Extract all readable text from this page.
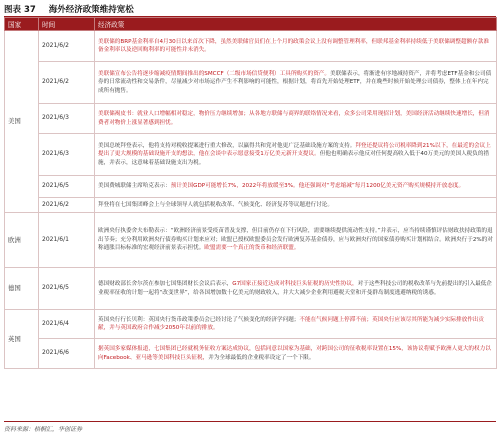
图表 37 海外经济政策维持宽松
国家	时间	经济政策
美国	2021/6/2	美联储的BRP基金利率自4月30日以来首次下降，虽然美联储官员们在上个月的政策会议上没有调整管理利率，但联邦基金利率持续低于美联储调整超额存款准备金利率以及逆回购利率的可能性并未消失。
	2021/6/2	美联储宣布公告将逐步缩减疫情期间推出的SMCCF（二级市场信贷便利）工具所购买的资产。美联储表示，将渐进有序地减持资产，并将考虑ETF基金和公司债券的日常流动性和交易条件，尽量减少对市场运作产生不利影响的可能性，根据计划，将首先开始处理ETF，并在晚些时候开始处理公司债券，整体上在年内完成所有抛售。
	2021/6/3	美联储褐皮书：就业人口增幅相对稳定，物价压力继续增加；从各地方联储与商界的联络情况来看，众多公司采用现招计划，美国经济活动继续快速增长，但消费者对物价上涨显著感到担忧。
	2021/6/3	美国总统拜登表示，他将支持对税收提案进行重大修改，以赢得共和党对他更广泛基础设施方案的支持。拜登还提议将公司税率降到21%以下，在最近的会议上提出了更大规模的基础设施开支的想法，他在会谈中表示愿意接受1万亿美元新开支提议。但他也明确表示他反对任何提高收入低于40万美元的美国人税负的措施，并表示，这意味着基础设施支出为税。
	2021/6/5	美国费城联储主席哈克表示：预计美国GDP可能增长7%，2022年将放缓至3%。他还强调对“考虑缩减”每月1200亿美元资产购买规模持开放态度。
	2021/6/2	拜登将在七国集团峰会上与全球领导人就包括税收改革、气候变化、经济复苏等议题进行讨论。
欧洲	2021/6/1	欧洲央行执委舍夫布勒表示：“欧洲经济前景受疫苗普及支撑，但目前仍存在下行风险，需要继续提供流动性支持。”并表示，应当持续谨慎评估财政扶持政策的退出节奏；充分利用欧洲央行债券购买计划来应对；欧盟已授权欧盟委员会发行欧洲复苏基金债券，应与欧洲央行的国家债券购买计划相结合。欧洲央行于2%的对称通胀目标标准的宏观经济前景表示担忧。欧盟需要一个真正的货币和经济联盟。
德国	2021/6/5	德国财政部长舍尔茨在参加七国集团财长会议后表示，G7国家正接近达成对科技巨头征税的历史性协议，对于这些科技公司的税收改革与先前提出的引入最低企业税率征收的计划一起将“改变世界”，给各国增加数十亿美元的财政收入，并大大减少企业利用避税天堂和开曼群岛制度逃避纳税的诱惑。
英国	2021/6/4	英国央行行长贝利：英国央行货币政策委员会已经讨论了气候变化的经济学问题；不能在气候问题上停滞不前；英国央行应该尽其所能为减少实际排放作出贡献，并与英国政府合作减少2050年以前的排放。
	2021/6/6	据英国多家媒体报道，七国集团已经就税务征收方案达成协议，包括同意以国家为基础，对跨国公司的征收税率设置在15%，该协议将赋予欧洲人更大的权力以向Facebook、亚马逊等美国科技巨头征税，并为全球最低的企业税率设定了一个下限。
资料来源：梧桐汇，华创证券
